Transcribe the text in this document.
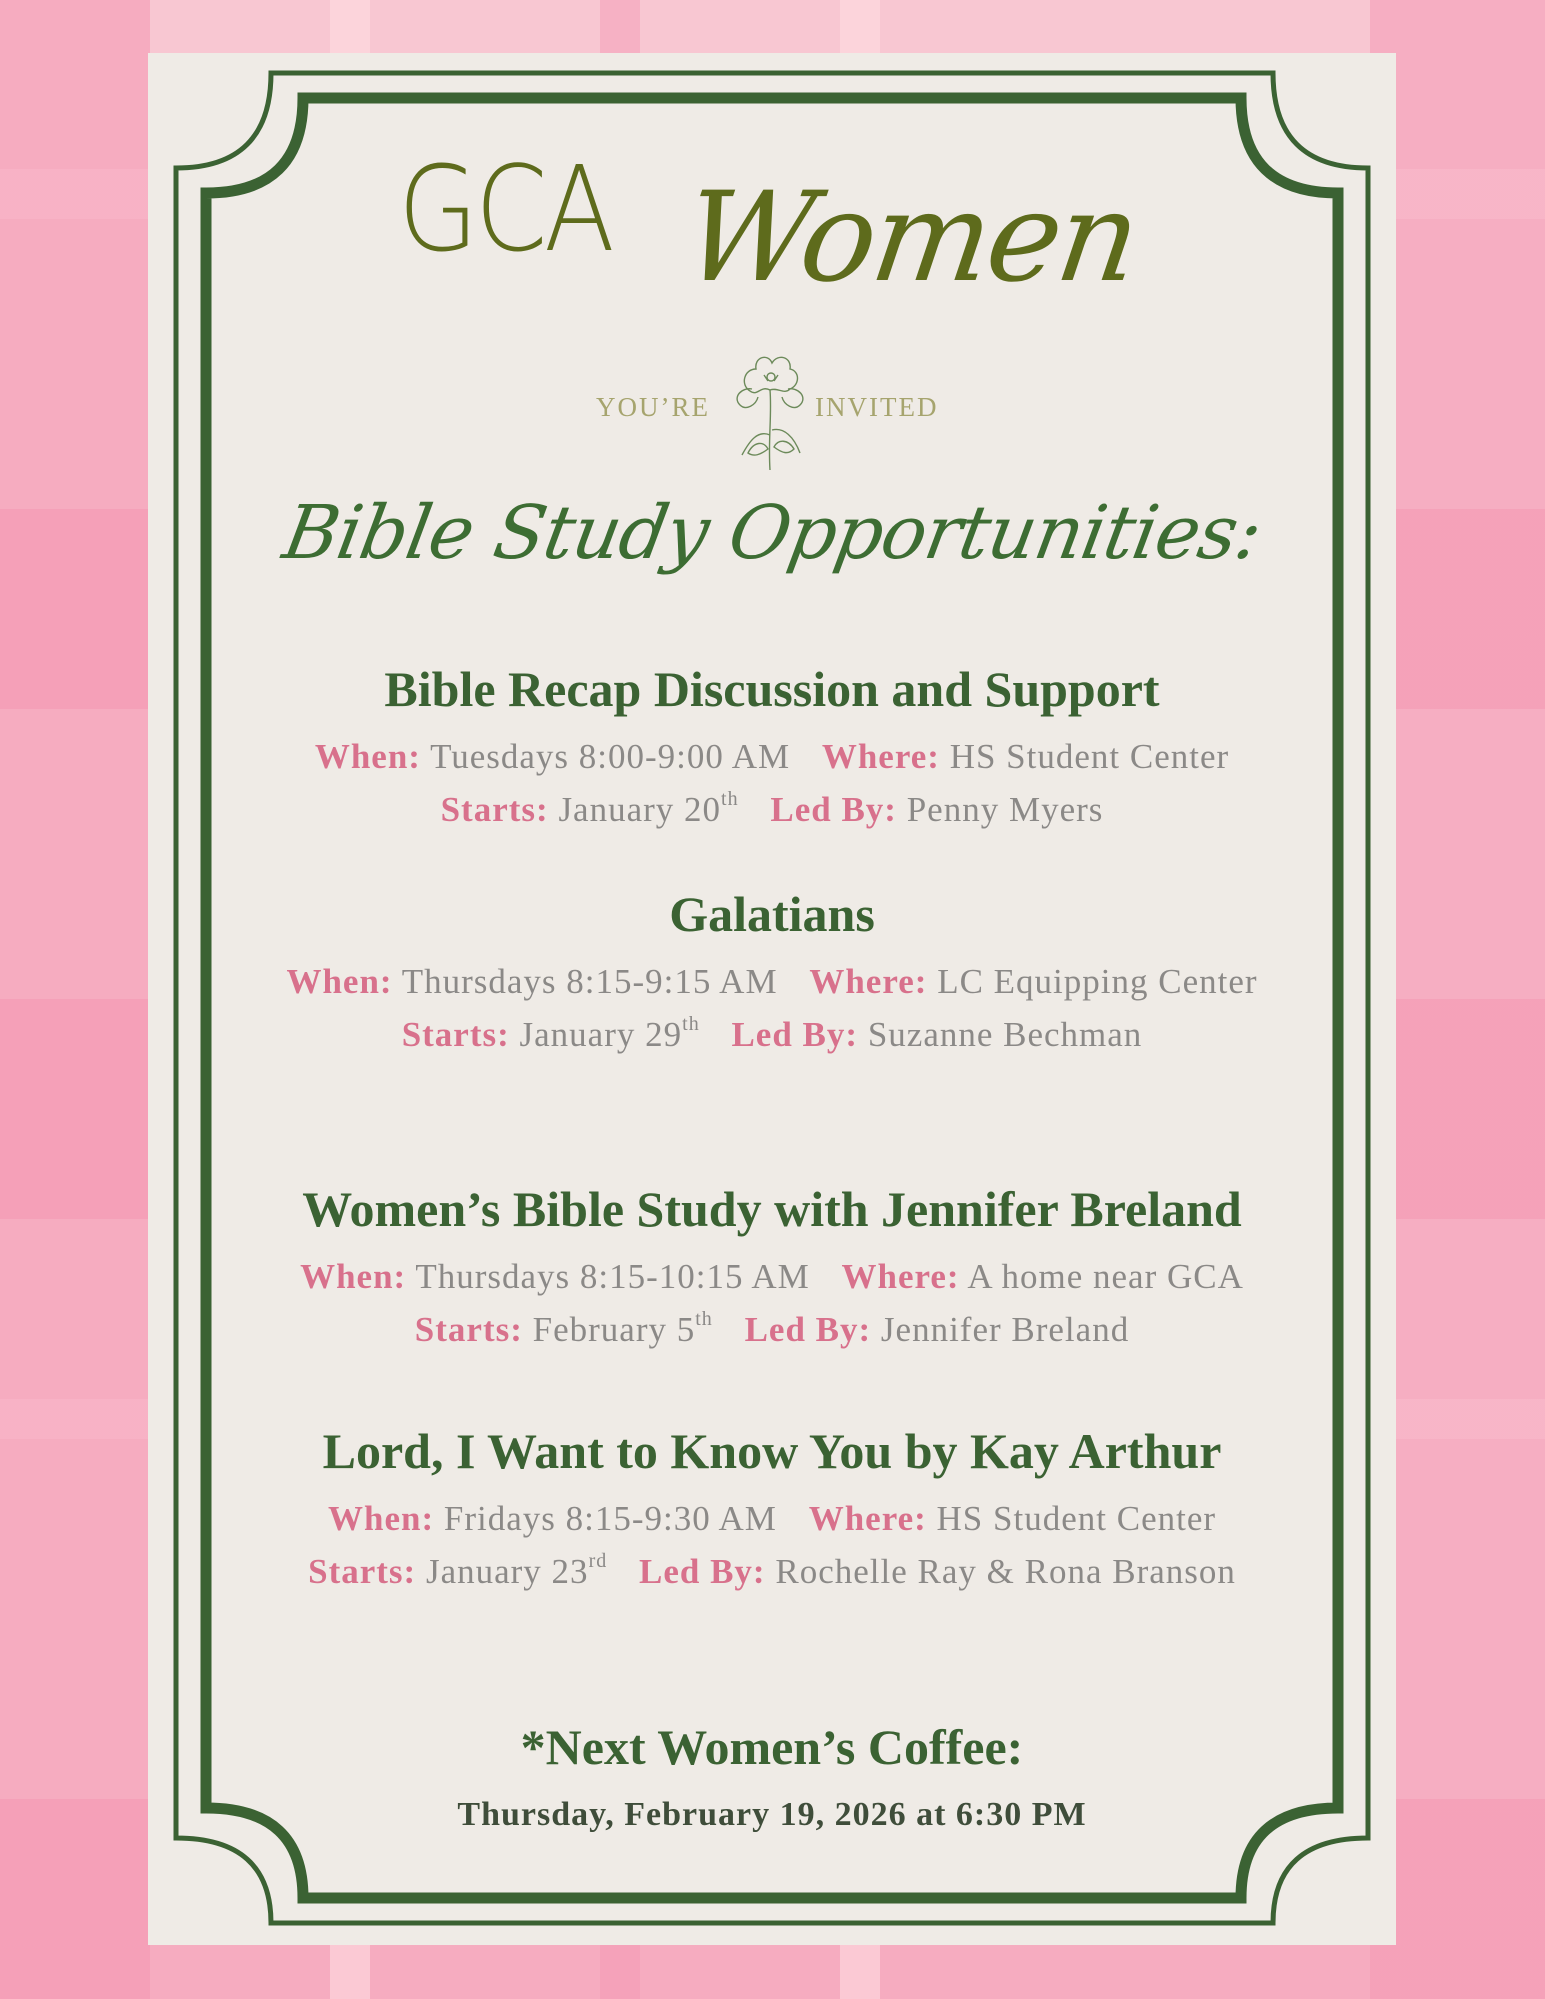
GCA Women
YOU’RE	INVITED
Bible Study Opportunities:
Bible Recap Discussion and Support
When: Tuesdays 8:00-9:00 AM Where: HS Student Center
Starts: January 20th Led By: Penny Myers
Galatians
When: Thursdays 8:15-9:15 AM Where: LC Equipping Center
Starts: January 29th Led By: Suzanne Bechman
Women’s Bible Study with Jennifer Breland
When: Thursdays 8:15-10:15 AM Where: A home near GCA
Starts: February 5th Led By: Jennifer Breland
Lord, I Want to Know You by Kay Arthur
When: Fridays 8:15-9:30 AM Where: HS Student Center
Starts: January 23rd Led By: Rochelle Ray & Rona Branson
*Next Women’s Coffee:
Thursday, February 19, 2026 at 6:30 PM
